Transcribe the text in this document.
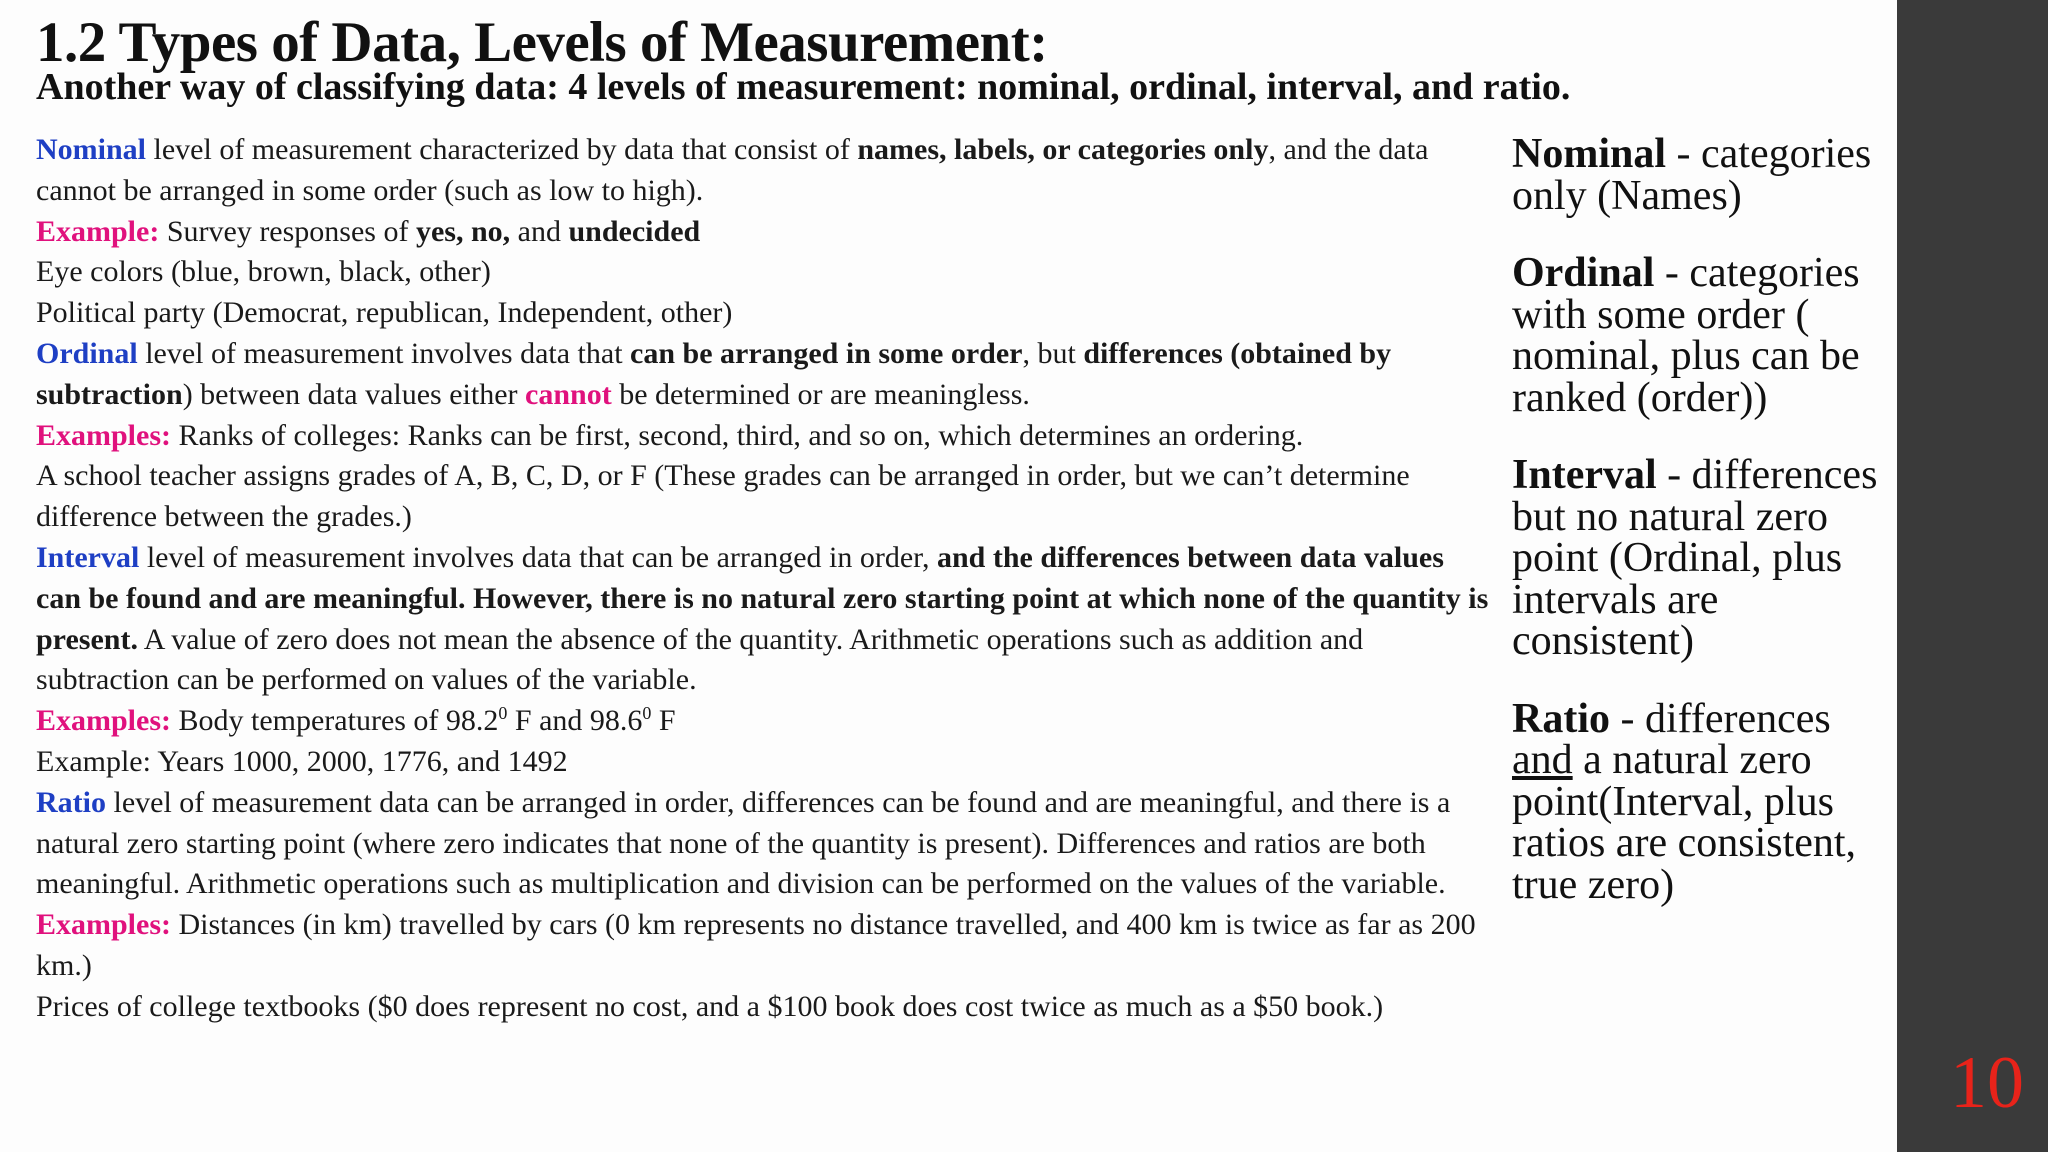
1.2 Types of Data, Levels of Measurement:
Another way of classifying data: 4 levels of measurement: nominal, ordinal, interval, and ratio.

Nominal level of measurement characterized by data that consist of names, labels, or categories only, and the data cannot be arranged in some order (such as low to high).

Example: Survey responses of yes, no, and undecided

Eye colors (blue, brown, black, other)

Political party (Democrat, republican, Independent, other)

Ordinal level of measurement involves data that can be arranged in some order, but differences (obtained by subtraction) between data values either cannot be determined or are meaningless.

Examples: Ranks of colleges: Ranks can be first, second, third, and so on, which determines an ordering.

A school teacher assigns grades of A, B, C, D, or F (These grades can be arranged in order, but we can’t determine difference between the grades.)

Interval level of measurement involves data that can be arranged in order, and the differences between data values can be found and are meaningful. However, there is no natural zero starting point at which none of the quantity is present. A value of zero does not mean the absence of the quantity. Arithmetic operations such as addition and subtraction can be performed on values of the variable.

Examples: Body temperatures of 98.2$^0$ F and 98.6$^0$ F

Example: Years 1000, 2000, 1776, and 1492

Ratio level of measurement data can be arranged in order, differences can be found and are meaningful, and there is a natural zero starting point (where zero indicates that none of the quantity is present). Differences and ratios are both meaningful. Arithmetic operations such as multiplication and division can be performed on the values of the variable.

Examples: Distances (in km) travelled by cars (0 km represents no distance travelled, and 400 km is twice as far as 200 km.)

Prices of college textbooks ($0 does represent no cost, and a $100 book does cost twice as much as a $50 book.)

Nominal - categories only (Names)
Ordinal - categories with some order ( nominal, plus can be ranked (order))
Interval - differences but no natural zero point (Ordinal, plus intervals are consistent)
Ratio - differences and a natural zero point(Interval, plus ratios are consistent, true zero)
10
